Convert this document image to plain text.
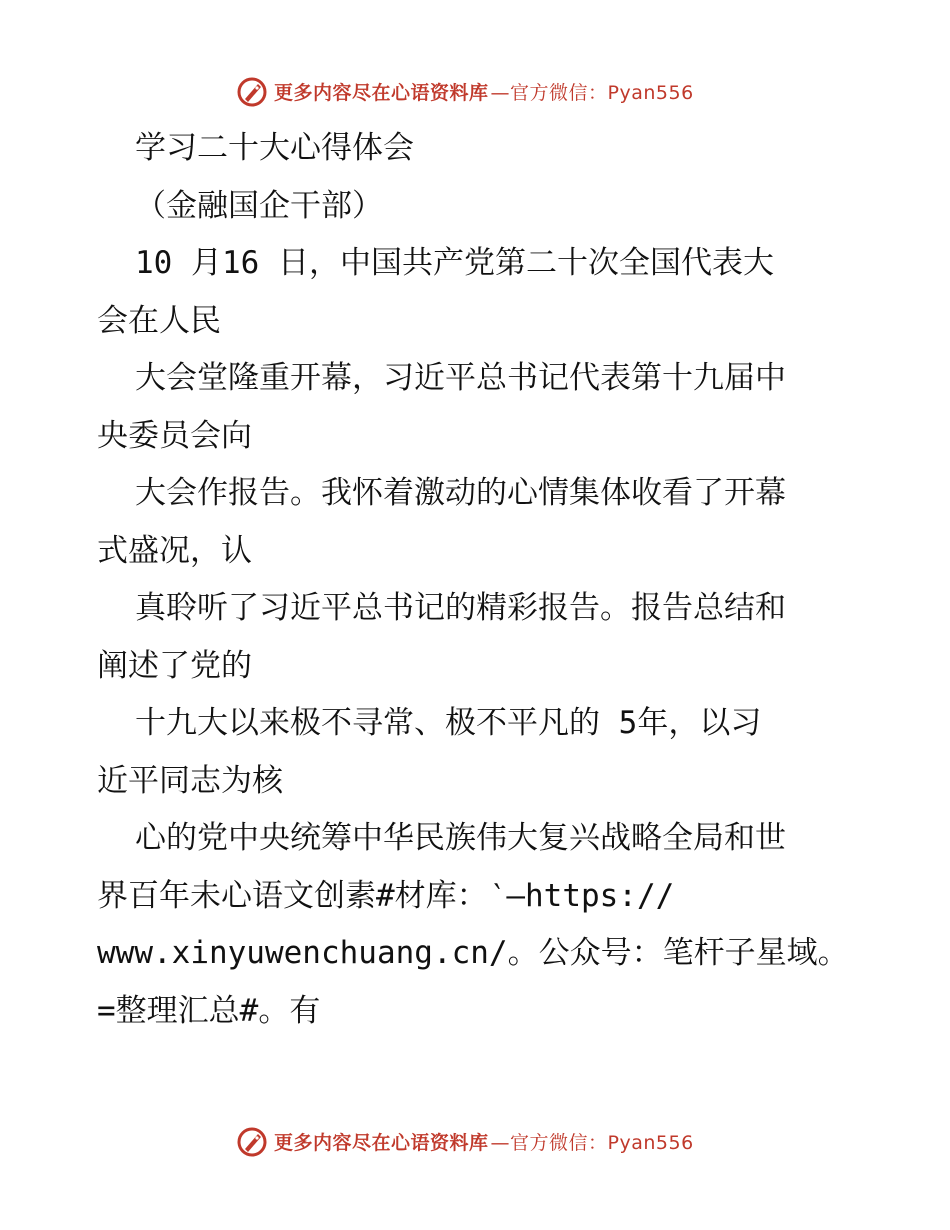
更多内容尽在心语资料库 —官方微信：Pyan556
学习二十大心得体会
（金融国企干部）
10 月16 日，中国共产党第二十次全国代表大
会在人民
大会堂隆重开幕，习近平总书记代表第十九届中
央委员会向
大会作报告。我怀着激动的心情集体收看了开幕
式盛况，认
真聆听了习近平总书记的精彩报告。报告总结和
阐述了党的
十九大以来极不寻常、极不平凡的 5年，以习
近平同志为核
心的党中央统筹中华民族伟大复兴战略全局和世
界百年未心语文创素#材库：‵—https://
www.xinyuwenchuang.cn/。公众号：笔杆子星域。
=整理汇总#。有
更多内容尽在心语资料库 —官方微信：Pyan556
